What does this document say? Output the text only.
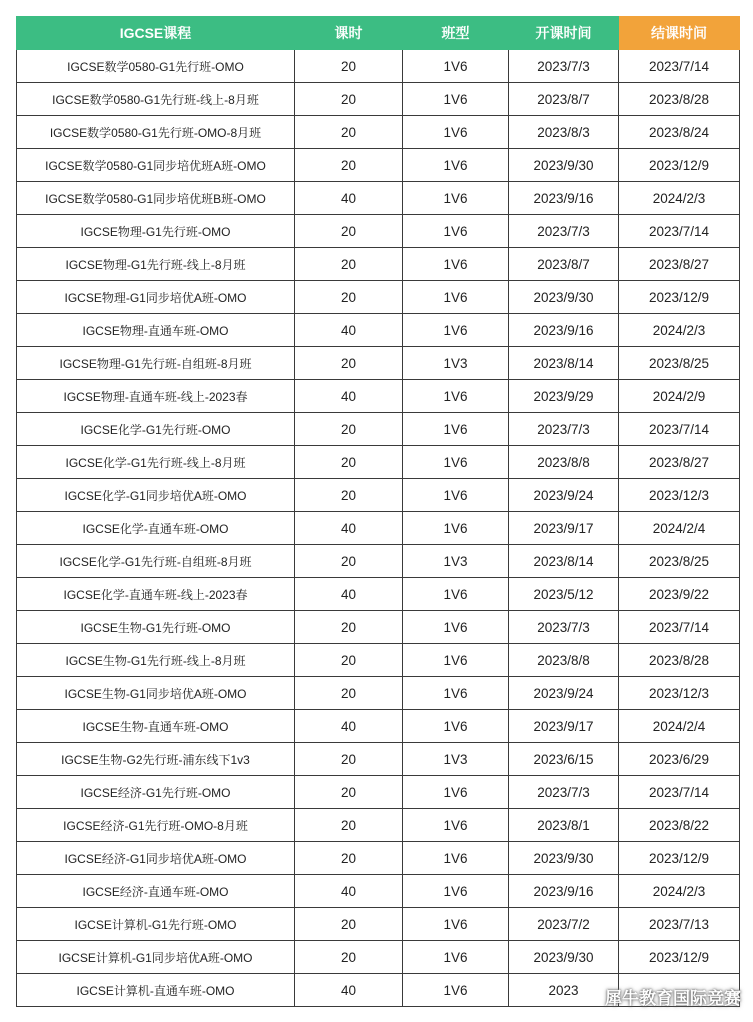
IGCSE课程	课时	班型	开课时间	结课时间
IGCSE数学0580-G1先行班-OMO	20	1V6	2023/7/3	2023/7/14
IGCSE数学0580-G1先行班-线上-8月班	20	1V6	2023/8/7	2023/8/28
IGCSE数学0580-G1先行班-OMO-8月班	20	1V6	2023/8/3	2023/8/24
IGCSE数学0580-G1同步培优班A班-OMO	20	1V6	2023/9/30	2023/12/9
IGCSE数学0580-G1同步培优班B班-OMO	40	1V6	2023/9/16	2024/2/3
IGCSE物理-G1先行班-OMO	20	1V6	2023/7/3	2023/7/14
IGCSE物理-G1先行班-线上-8月班	20	1V6	2023/8/7	2023/8/27
IGCSE物理-G1同步培优A班-OMO	20	1V6	2023/9/30	2023/12/9
IGCSE物理-直通车班-OMO	40	1V6	2023/9/16	2024/2/3
IGCSE物理-G1先行班-自组班-8月班	20	1V3	2023/8/14	2023/8/25
IGCSE物理-直通车班-线上-2023春	40	1V6	2023/9/29	2024/2/9
IGCSE化学-G1先行班-OMO	20	1V6	2023/7/3	2023/7/14
IGCSE化学-G1先行班-线上-8月班	20	1V6	2023/8/8	2023/8/27
IGCSE化学-G1同步培优A班-OMO	20	1V6	2023/9/24	2023/12/3
IGCSE化学-直通车班-OMO	40	1V6	2023/9/17	2024/2/4
IGCSE化学-G1先行班-自组班-8月班	20	1V3	2023/8/14	2023/8/25
IGCSE化学-直通车班-线上-2023春	40	1V6	2023/5/12	2023/9/22
IGCSE生物-G1先行班-OMO	20	1V6	2023/7/3	2023/7/14
IGCSE生物-G1先行班-线上-8月班	20	1V6	2023/8/8	2023/8/28
IGCSE生物-G1同步培优A班-OMO	20	1V6	2023/9/24	2023/12/3
IGCSE生物-直通车班-OMO	40	1V6	2023/9/17	2024/2/4
IGCSE生物-G2先行班-浦东线下1v3	20	1V3	2023/6/15	2023/6/29
IGCSE经济-G1先行班-OMO	20	1V6	2023/7/3	2023/7/14
IGCSE经济-G1先行班-OMO-8月班	20	1V6	2023/8/1	2023/8/22
IGCSE经济-G1同步培优A班-OMO	20	1V6	2023/9/30	2023/12/9
IGCSE经济-直通车班-OMO	40	1V6	2023/9/16	2024/2/3
IGCSE计算机-G1先行班-OMO	20	1V6	2023/7/2	2023/7/13
IGCSE计算机-G1同步培优A班-OMO	20	1V6	2023/9/30	2023/12/9
IGCSE计算机-直通车班-OMO	40	1V6	2023	犀牛教育国际竞赛
